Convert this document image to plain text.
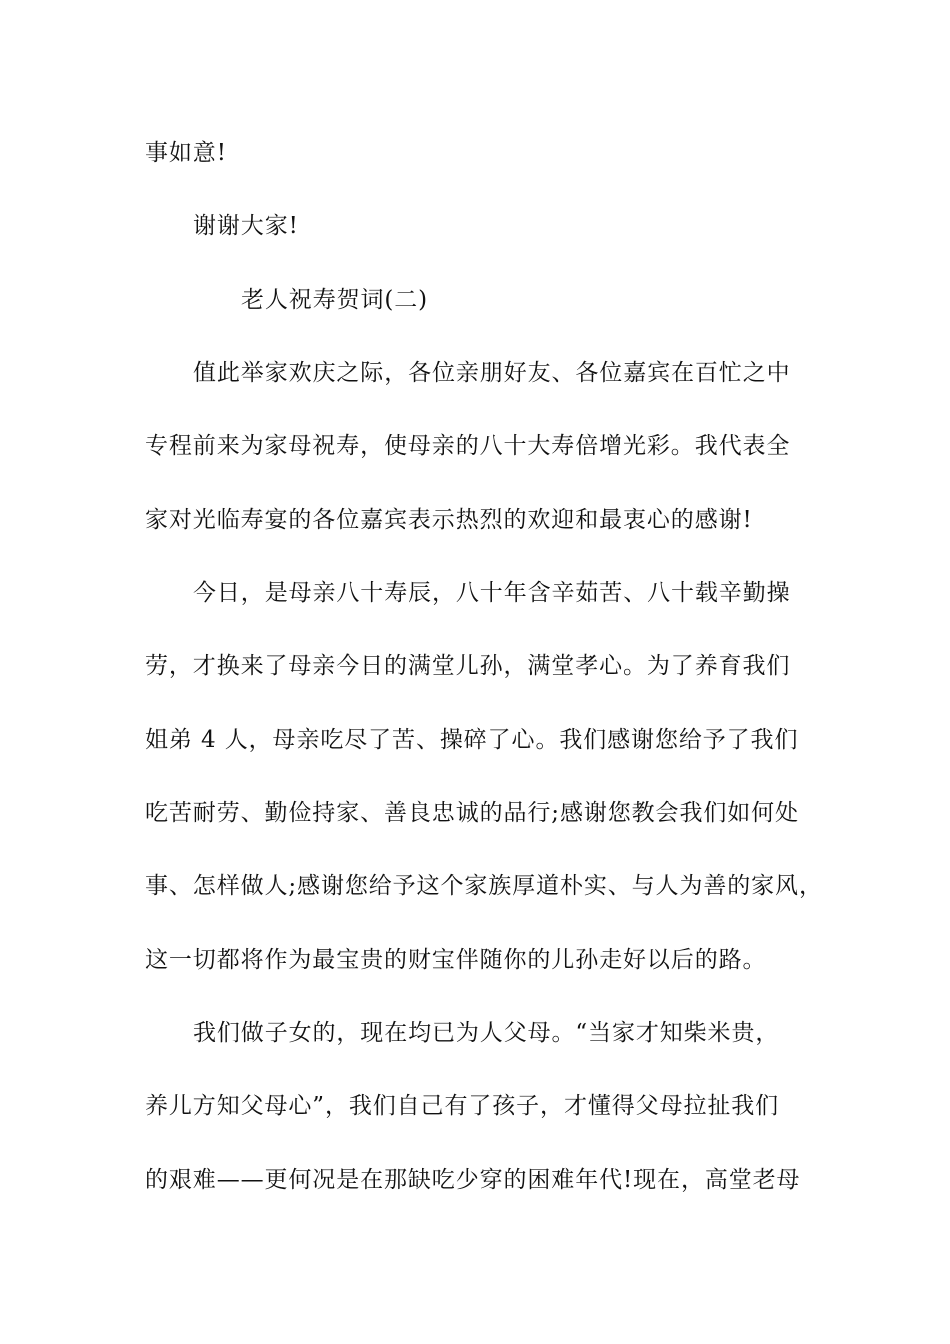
事如意!
谢谢大家!
老人祝寿贺词(二)
值此举家欢庆之际，各位亲朋好友、各位嘉宾在百忙之中
专程前来为家母祝寿，使母亲的八十大寿倍增光彩。我代表全
家对光临寿宴的各位嘉宾表示热烈的欢迎和最衷心的感谢!
今日，是母亲八十寿辰，八十年含辛茹苦、八十载辛勤操
劳，才换来了母亲今日的满堂儿孙，满堂孝心。为了养育我们
姐弟 4 人，母亲吃尽了苦、操碎了心。我们感谢您给予了我们
吃苦耐劳、勤俭持家、善良忠诚的品行;感谢您教会我们如何处
事、怎样做人;感谢您给予这个家族厚道朴实、与人为善的家风，
这一切都将作为最宝贵的财宝伴随你的儿孙走好以后的路。
我们做子女的，现在均已为人父母。“当家才知柴米贵，
养儿方知父母心”，我们自己有了孩子，才懂得父母拉扯我们
的艰难——更何况是在那缺吃少穿的困难年代!现在，高堂老母
